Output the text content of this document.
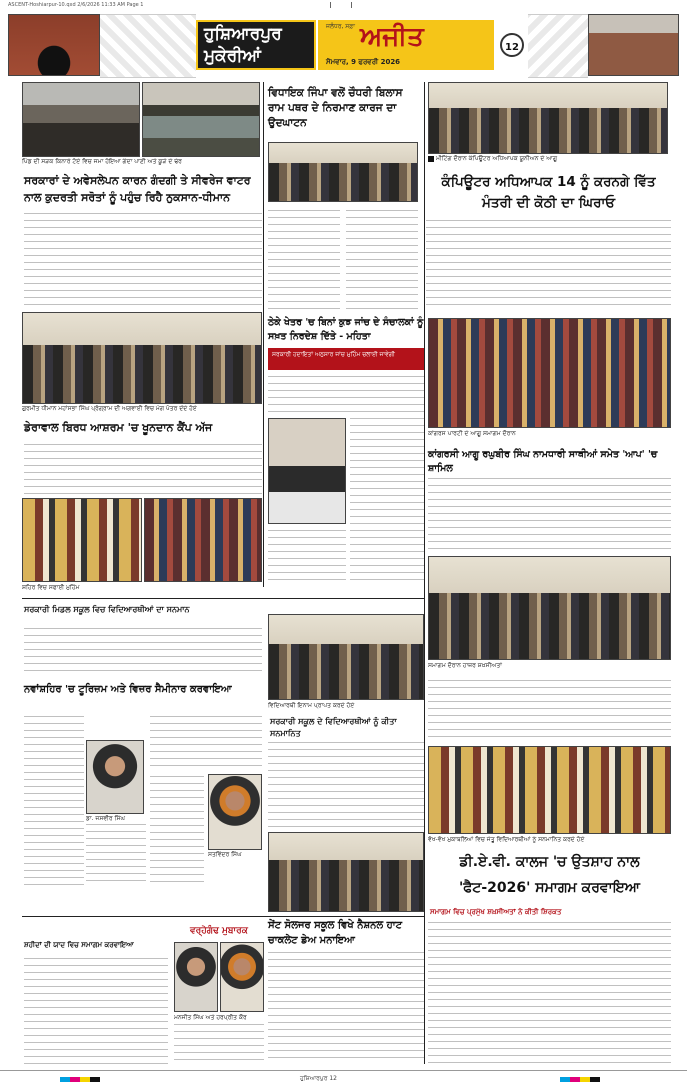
ASCENT-Hoshiarpur-10.qxd 2/6/2026 11:33 AM Page 1
ਹੁਸ਼ਿਆਰਪੁਰ
ਮੁਕੇਰੀਆਂ
ਜਲੰਧਰ, ਸਫ਼ਾ ਅਜੀਤ
ਸੋਮਵਾਰ, 9 ਫਰਵਰੀ 2026
12
ਪਿੰਡ ਦੀ ਸੜਕ ਕਿਨਾਰੇ ਟੋਏ ਵਿਚ ਜਮਾ ਹੋਇਆ ਗੰਦਾ ਪਾਣੀ ਅਤੇ ਕੂੜੇ ਦੇ ਢੇਰ
ਵਿਧਾਇਕ ਜਿੰਪਾ ਵਲੋਂ ਚੌਧਰੀ ਬਿਲਾਸ ਰਾਮ ਪਥਰ ਦੇ ਨਿਰਮਾਣ ਕਾਰਜ ਦਾ ਉਦਘਾਟਨ
ਮੀਟਿੰਗ ਦੌਰਾਨ ਕੰਪਿਊਟਰ ਅਧਿਆਪਕ ਯੂਨੀਅਨ ਦੇ ਆਗੂ
ਸਰਕਾਰਾਂ ਦੇ ਅਵੇਸਲੇਪਨ ਕਾਰਨ ਗੰਦਗੀ ਤੇ ਸੀਵਰੇਜ ਵਾਟਰ ਨਾਲ ਕੁਦਰਤੀ ਸਰੋਤਾਂ ਨੂੰ ਪਹੁੰਚ ਰਿਹੈ ਨੁਕਸਾਨ-ਧੀਮਾਨ
ਗੁਰਮੀਤ ਧੀਮਾਨ ਮਹਾਂਸਭਾ ਸਿੰਘ ਪ੍ਰੋਗ੍ਰਾਮ ਦੀ ਅਗਵਾਈ ਵਿਚ ਮੰਗ ਪੱਤਰ ਦੇਂਦੇ ਹੋਏ
ਕੰਪਿਊਟਰ ਅਧਿਆਪਕ 14 ਨੂੰ ਕਰਨਗੇ ਵਿੱਤ ਮੰਤਰੀ ਦੀ ਕੋਠੀ ਦਾ ਘਿਰਾਓ
ਠੇਕੇ ਖੇਤਰ 'ਚ ਬਿਨਾਂ ਕੁਝ ਜਾਂਚ ਦੇ ਸੰਚਾਲਕਾਂ ਨੂੰ ਸਖ਼ਤ ਨਿਰਦੇਸ਼ ਦਿੱਤੇ - ਮਹਿਤਾ
ਸਰਕਾਰੀ ਹਦਾਇਤਾਂ ਅਨੁਸਾਰ ਜਾਂਚ ਮੁਹਿੰਮ ਚਲਾਈ ਜਾਵੇਗੀ
ਕਾਂਗਰਸ ਪਾਰਟੀ ਦੇ ਆਗੂ ਸਮਾਗਮ ਦੌਰਾਨ
ਡੇਰਾਵਾਲ ਬਿਰਧ ਆਸ਼ਰਮ 'ਚ ਖੂਨਦਾਨ ਕੈਂਪ ਅੱਜ
ਸ਼ਹਿਰ ਵਿਚ ਸਫਾਈ ਮੁਹਿੰਮ
ਕਾਂਗਰਸੀ ਆਗੂ ਰਘੁਬੀਰ ਸਿੰਘ ਨਾਮਧਾਰੀ ਸਾਥੀਆਂ ਸਮੇਤ 'ਆਪ' 'ਚ ਸ਼ਾਮਿਲ
ਸਮਾਗਮ ਦੌਰਾਨ ਹਾਜ਼ਰ ਸ਼ਖ਼ਸੀਅਤਾਂ
ਸਰਕਾਰੀ ਮਿਡਲ ਸਕੂਲ ਵਿਚ ਵਿਦਿਆਰਥੀਆਂ ਦਾ ਸਨਮਾਨ
ਵਿਦਿਆਰਥੀ ਇਨਾਮ ਪ੍ਰਾਪਤ ਕਰਦੇ ਹੋਏ
ਨਵਾਂਸ਼ਹਿਰ 'ਚ ਟੂਰਿਜ਼ਮ ਅਤੇ ਵਿਜ਼ਰ ਸੈਮੀਨਾਰ ਕਰਵਾਇਆ
ਡਾ. ਜਸਵੀਰ ਸਿੰਘ
ਸਤਵਿੰਦਰ ਸਿੰਘ
ਸਰਕਾਰੀ ਸਕੂਲ ਦੇ ਵਿਦਿਆਰਥੀਆਂ ਨੂੰ ਕੀਤਾ ਸਨਮਾਨਿਤ
ਵੱਖ-ਵੱਖ ਮੁਕਾਬਲਿਆਂ ਵਿਚ ਜੇਤੂ ਵਿਦਿਆਰਥੀਆਂ ਨੂੰ ਸਨਮਾਨਿਤ ਕਰਦੇ ਹੋਏ
ਡੀ.ਏ.ਵੀ. ਕਾਲਜ 'ਚ ਉਤਸ਼ਾਹ ਨਾਲ
'ਫੈਟ-2026' ਸਮਾਗਮ ਕਰਵਾਇਆ
ਸਮਾਗਮ ਵਿਚ ਪ੍ਰਮੁੱਖ ਸ਼ਖ਼ਸੀਅਤਾਂ ਨੇ ਕੀਤੀ ਸ਼ਿਰਕਤ
ਸੇਂਟ ਸੋਲਜਰ ਸਕੂਲ ਵਿਖੇ ਨੈਸ਼ਨਲ ਹਾਟ ਚਾਕਲੇਟ ਡੇਅ ਮਨਾਇਆ
ਵਰ੍ਹੇਗੰਢ ਮੁਬਾਰਕ
ਮਨਜੀਤ ਸਿੰਘ ਅਤੇ ਹਰਪ੍ਰੀਤ ਕੌਰ
ਸ਼ਹੀਦਾਂ ਦੀ ਯਾਦ ਵਿਚ ਸਮਾਗਮ ਕਰਵਾਇਆ
ਹੁਸ਼ਿਆਰਪੁਰ 12
